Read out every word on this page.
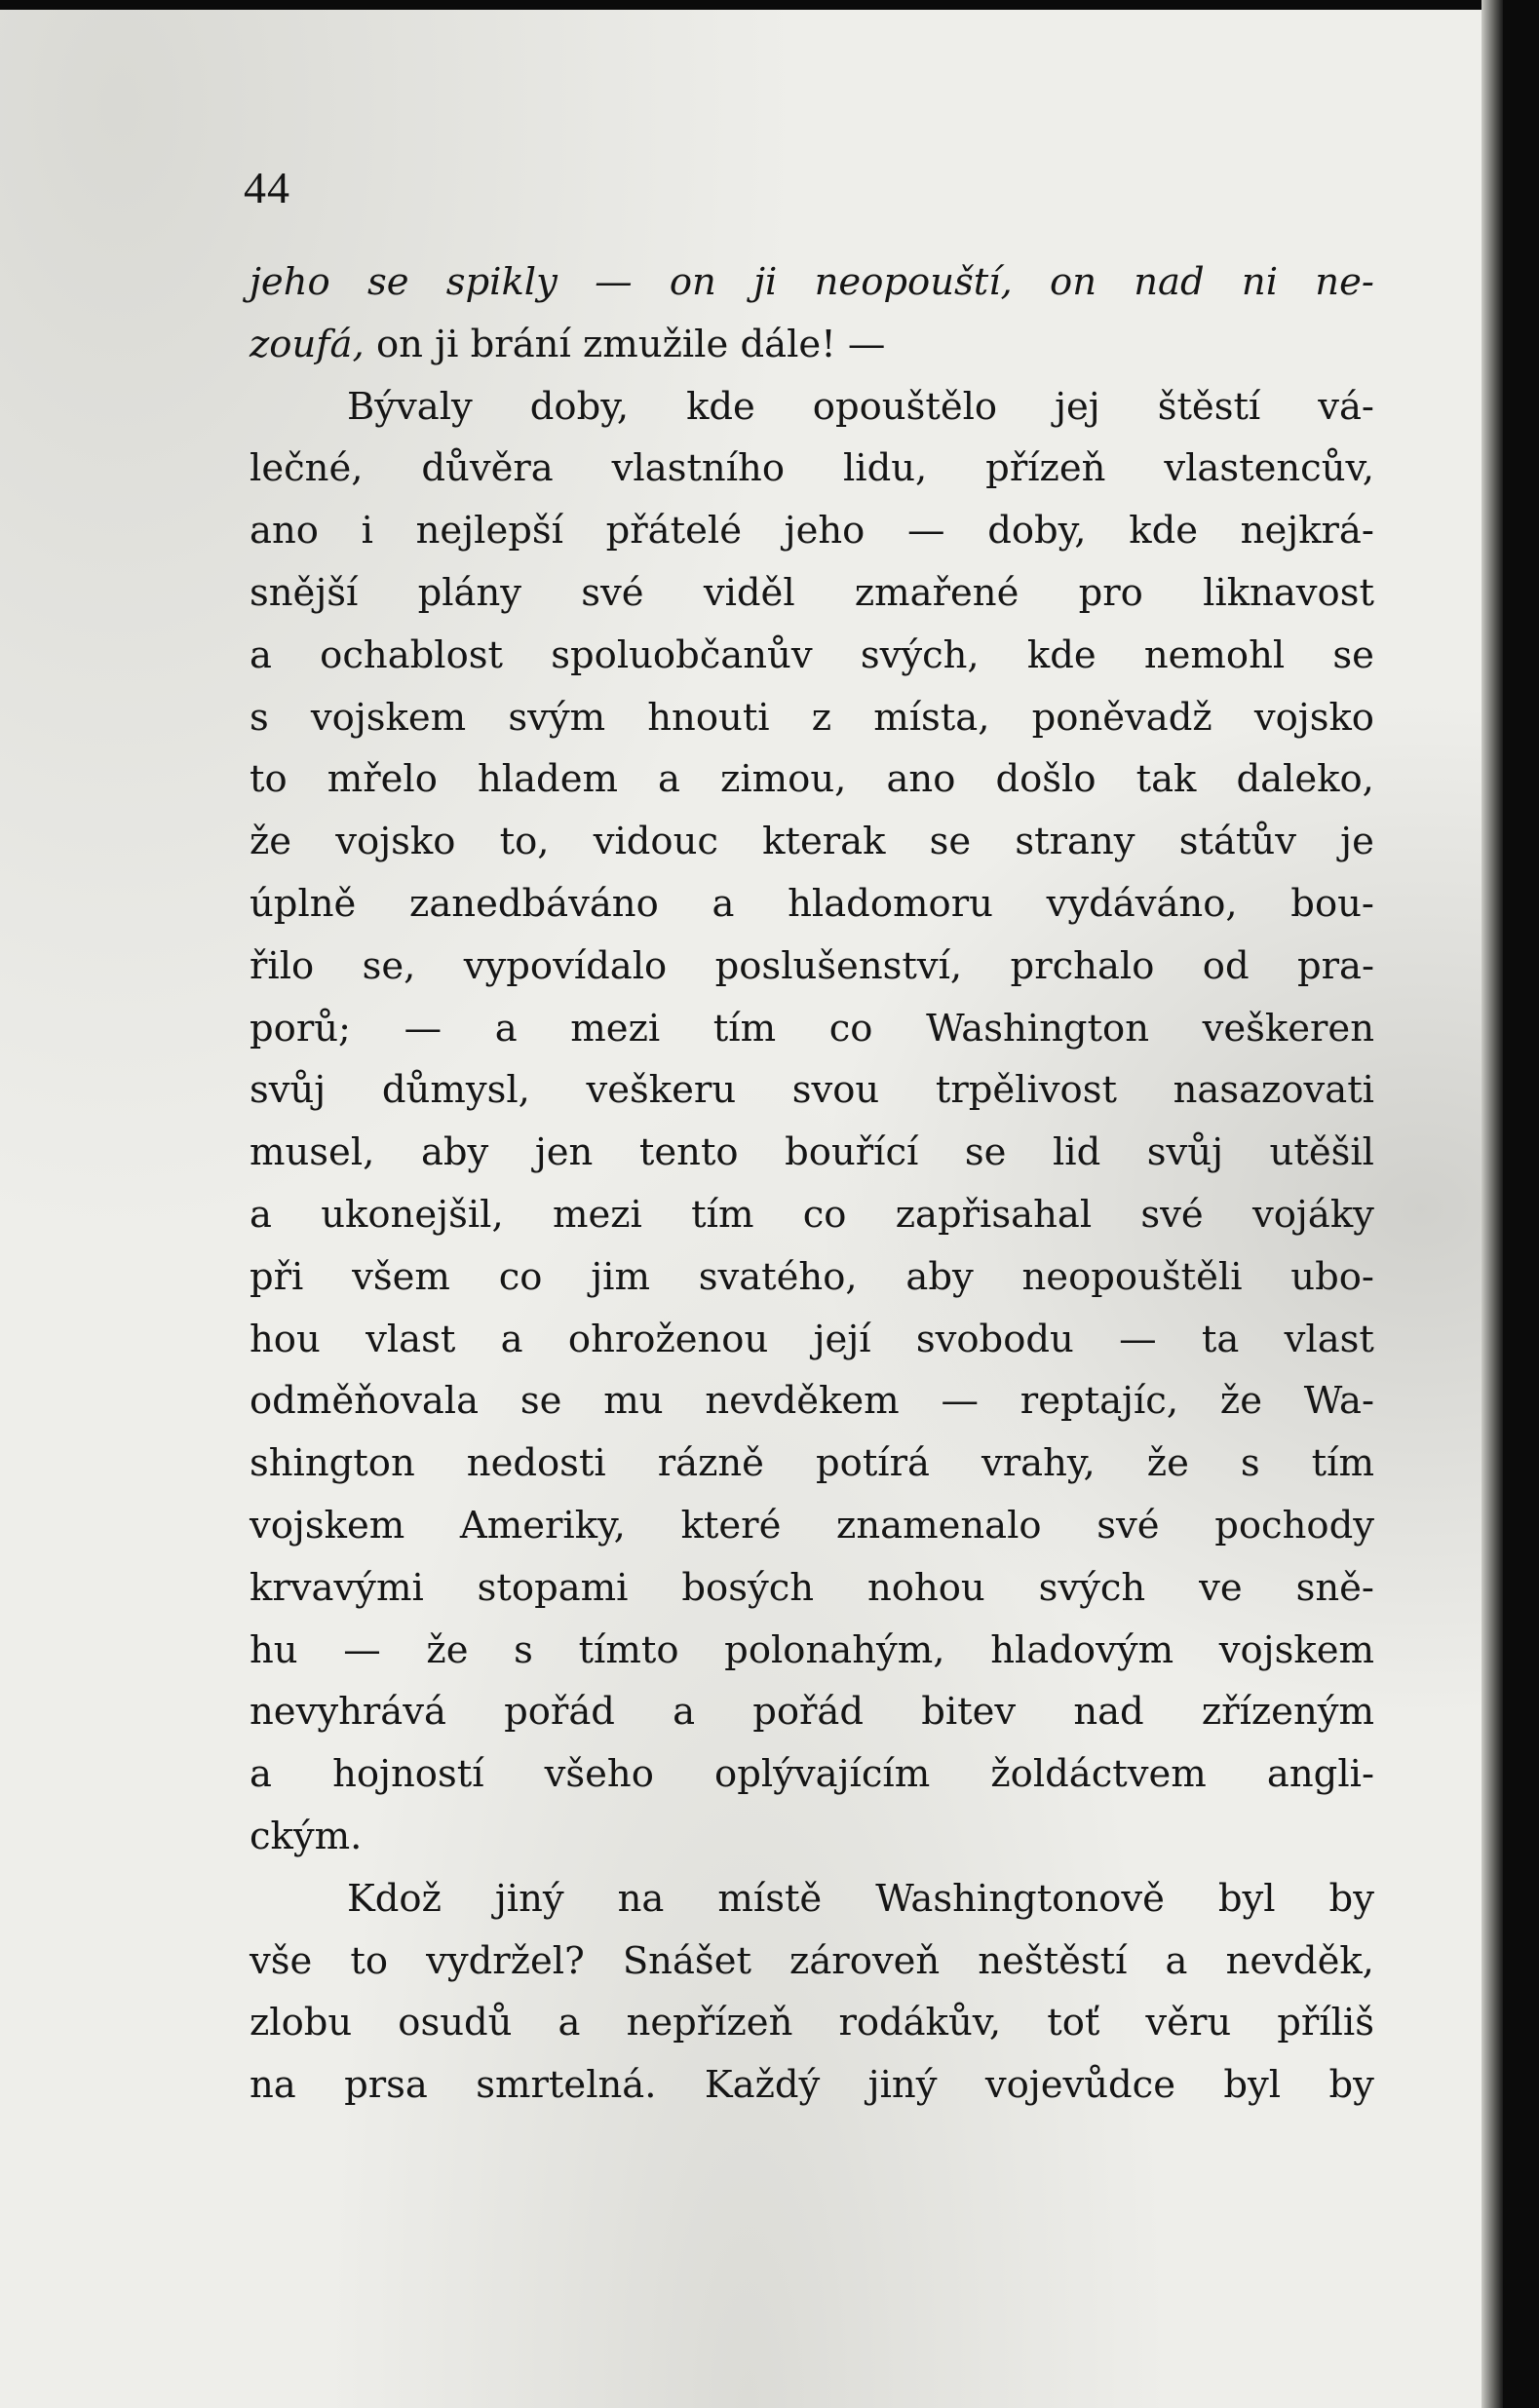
44
jeho se spikly — on ji neopouští, on nad ni ne-
zoufá, on ji brání zmužile dále! —
Bývaly doby, kde opouštělo jej štěstí vá-
lečné, důvěra vlastního lidu, přízeň vlastenců‌v,
ano i nejlepší přátelé jeho — doby, kde nejkrá-
snější plány své viděl zmařené pro liknavost
a ochablost spoluobčanův svých, kde nemohl se
s vojskem svým hnouti z místa, poněvadž vojsko
to mřelo hladem a zimou, ano došlo tak daleko,
že vojsko to, vidouc kterak se strany státův je
úplně zanedbáváno a hladomoru vydáváno, bou-
řilo se, vypovídalo poslušenství, prchalo od pra-
porů; — a mezi tím co Washington veškeren
svůj důmysl, veškeru svou trpělivost nasazovati
musel, aby jen tento bouřící se lid svůj utěšil
a ukonejšil, mezi tím co zapřisahal své vojáky
při všem co jim svatého, aby neopouštěli ubo-
hou vlast a ohroženou její svobodu — ta vlast
odměňovala se mu nevděkem — reptajíc, že Wa-
shington nedosti rázně potírá vrahy, že s tím
vojskem Ameriky, které znamenalo své pochody
krvavými stopami bosých nohou svých ve sně-
hu — že s tímto polonahým, hladovým vojskem
nevyhrává pořád a pořád bitev nad zřízeným
a hojností všeho oplývajícím žoldáctvem angli-
ckým.
Kdož jiný na místě Washingtonově byl by
vše to vydržel? Snášet zároveň neštěstí a nevděk,
zlobu osudů a nepřízeň rodákův, toť věru příliš
na prsa smrtelná. Každý jiný vojevůdce byl by
